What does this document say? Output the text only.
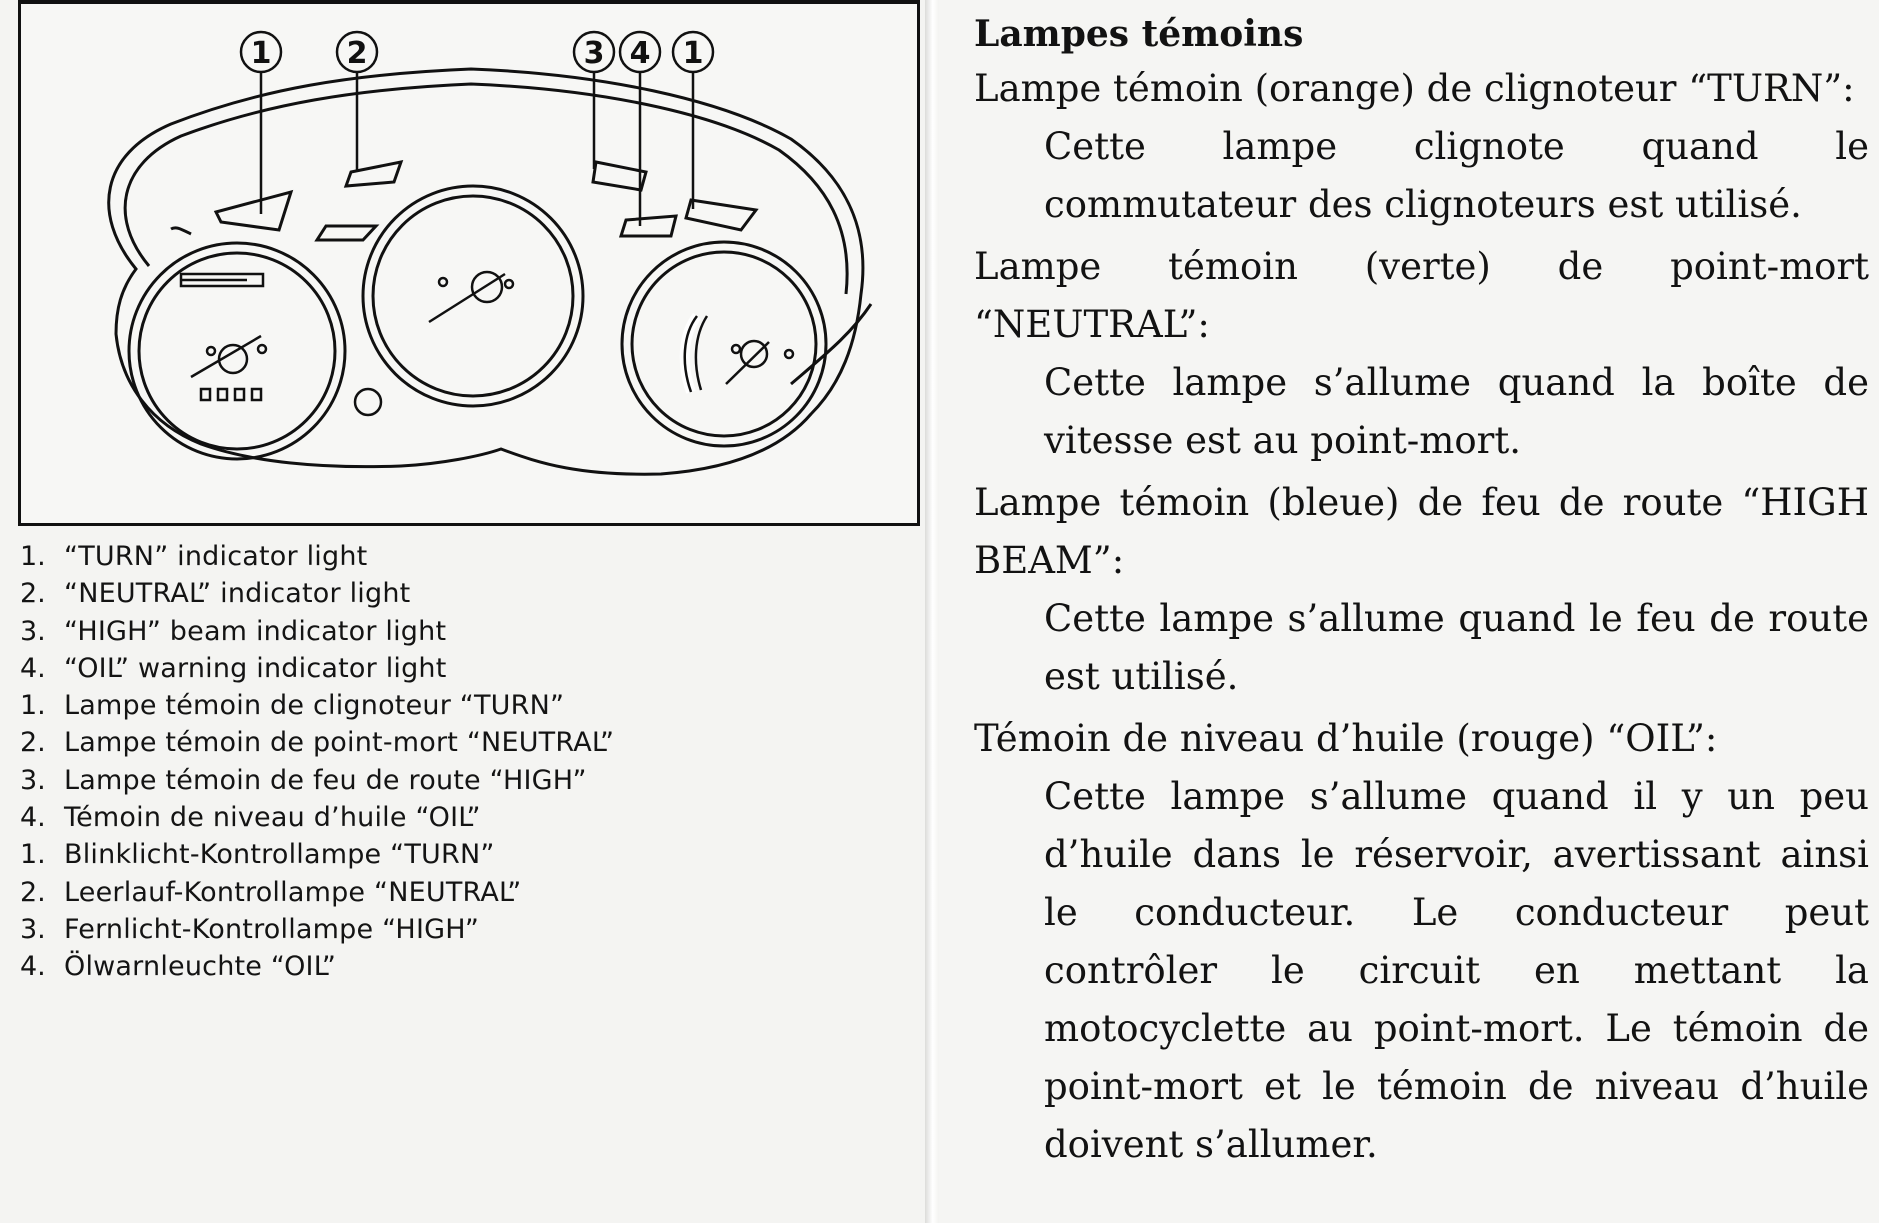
1	2	3 4 1
1. “TURN” indicator light
2. “NEUTRAL” indicator light
3. “HIGH” beam indicator light
4. “OIL” warning indicator light
1. Lampe témoin de clignoteur “TURN”
2. Lampe témoin de point-mort “NEUTRAL”
3. Lampe témoin de feu de route “HIGH”
4. Témoin de niveau d’huile “OIL”
1. Blinklicht-Kontrollampe “TURN”
2. Leerlauf-Kontrollampe “NEUTRAL”
3. Fernlicht-Kontrollampe “HIGH”
4. Ölwarnleuchte “OIL”
Lampes témoins
Lampe témoin (orange) de clignoteur “TURN”:
Cette lampe clignote quand le commutateur des clignoteurs est utilisé.
Lampe témoin (verte) de point-mort “NEUTRAL”:
Cette lampe s’allume quand la boîte de vitesse est au point-mort.
Lampe témoin (bleue) de feu de route “HIGH BEAM”:
Cette lampe s’allume quand le feu de route est utilisé.
Témoin de niveau d’huile (rouge) “OIL”:
Cette lampe s’allume quand il y un peu d’huile dans le réservoir, avertissant ainsi le conducteur. Le conducteur peut contrôler le circuit en mettant la motocyclette au point-mort. Le témoin de point-mort et le témoin de niveau d’huile doivent s’allumer.
